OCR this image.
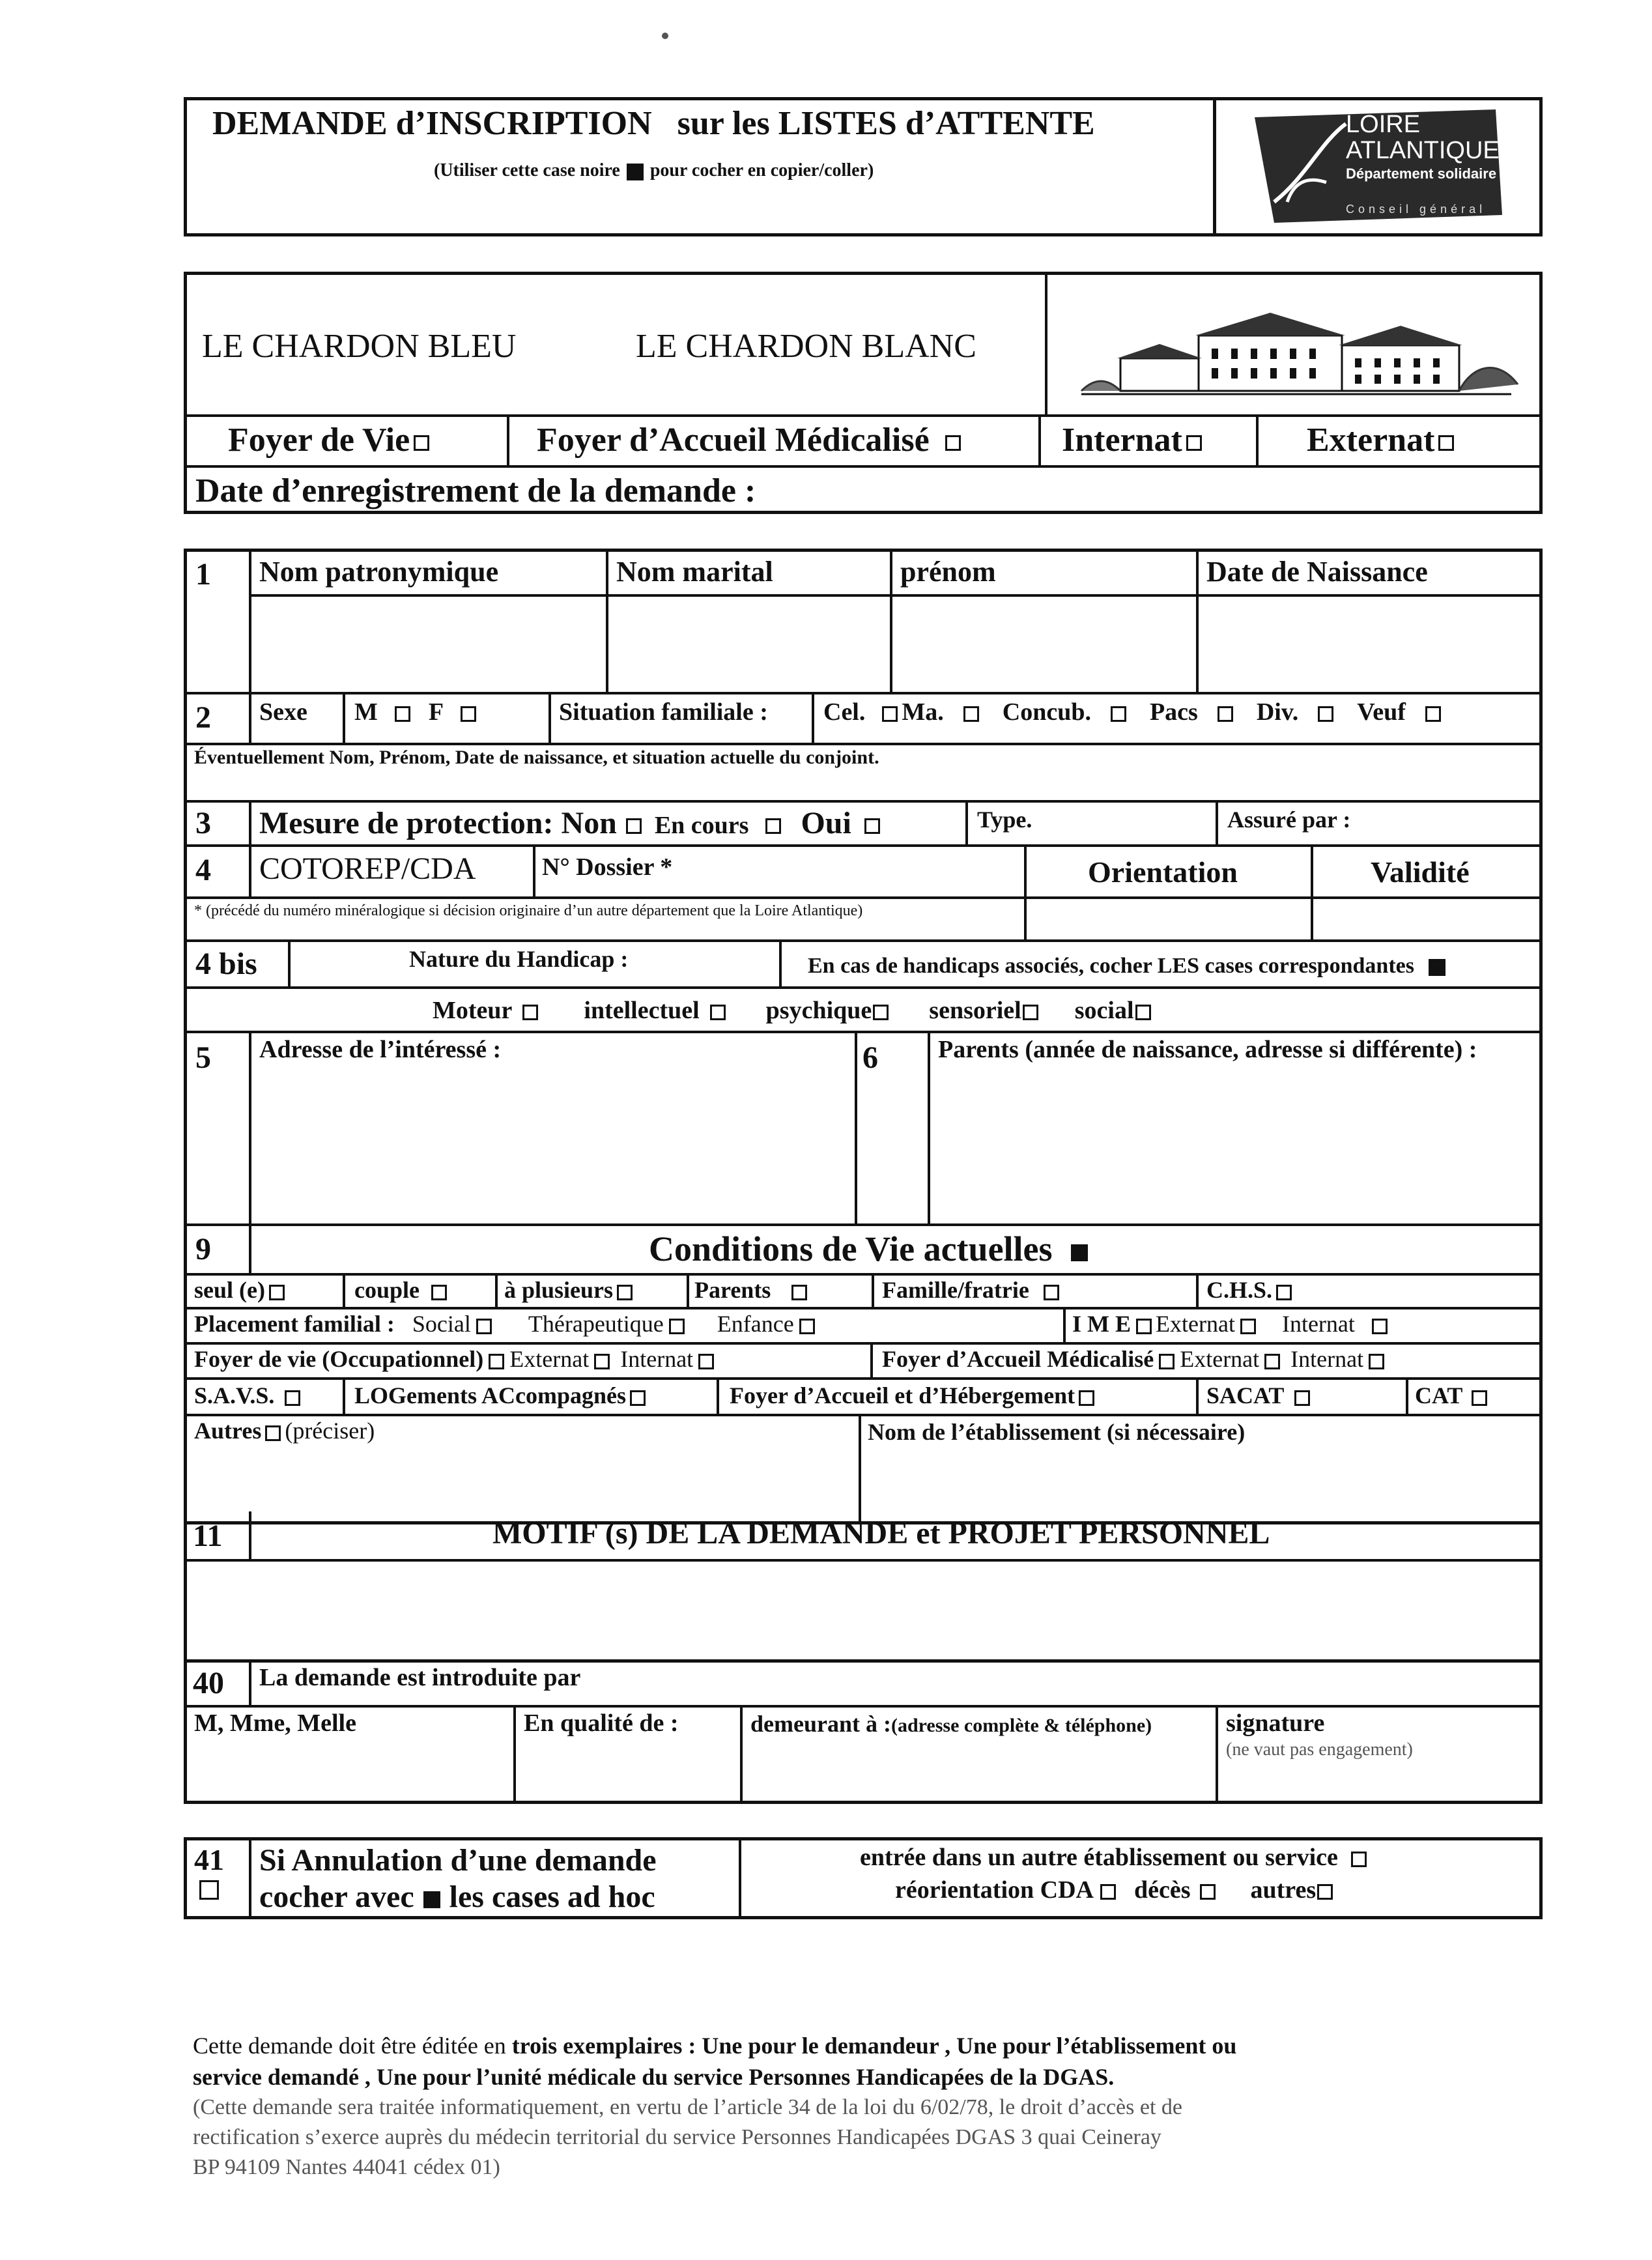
DEMANDE d’INSCRIPTION sur les LISTES d’ATTENTE
(Utiliser cette case noire pour cocher en copier/coller)
LOIRE
ATLANTIQUE
Département solidaire
Conseil général
LE CHARDON BLEU	LE CHARDON BLANC
Foyer de Vie	Foyer d’Accueil Médicalisé	Internat	Externat
Date d’enregistrement de la demande :
1 Nom patronymique	Nom marital	prénom	Date de Naissance
2 Sexe M F	Situation familiale : Cel. Ma. Concub. Pacs Div. Veuf
Éventuellement Nom, Prénom, Date de naissance, et situation actuelle du conjoint.
3 Mesure de protection: Non En cours Oui	Type.	Assuré par :
4 COTOREP/CDA	N° Dossier *	Orientation	Validité
* (précédé du numéro minéralogique si décision originaire d’un autre département que la Loire Atlantique)
4 bis	Nature du Handicap :	En cas de handicaps associés, cocher LES cases correspondantes
Moteur	intellectuel	psychique sensoriel social
5 Adresse de l’intéressé :	6 Parents (année de naissance, adresse si différente) :
9	Conditions de Vie actuelles
seul (e)	couple	à plusieurs	Parents	Famille/fratrie	C.H.S.
Placement familial : Social Thérapeutique Enfance	I M E Externat Internat
Foyer de vie (Occupationnel) Externat Internat	Foyer d’Accueil Médicalisé Externat Internat
S.A.V.S.	LOGements ACcompagnés	Foyer d’Accueil et d’Hébergement	SACAT	CAT
Autres (préciser)	Nom de l’établissement (si nécessaire)
11	MOTIF (s) DE LA DEMANDE et PROJET PERSONNEL
40 La demande est introduite par
M, Mme, Melle	En qualité de :	demeurant à :(adresse complète & téléphone)	signature
(ne vaut pas engagement)
41 Si Annulation d’une demande
cocher avec les cases ad hoc
entrée dans un autre établissement ou service
réorientation CDA décès autres
Cette demande doit être éditée en trois exemplaires : Une pour le demandeur , Une pour l’établissement ou
service demandé , Une pour l’unité médicale du service Personnes Handicapées de la DGAS.
(Cette demande sera traitée informatiquement, en vertu de l’article 34 de la loi du 6/02/78, le droit d’accès et de
rectification s’exerce auprès du médecin territorial du service Personnes Handicapées DGAS 3 quai Ceineray
BP 94109 Nantes 44041 cédex 01)
